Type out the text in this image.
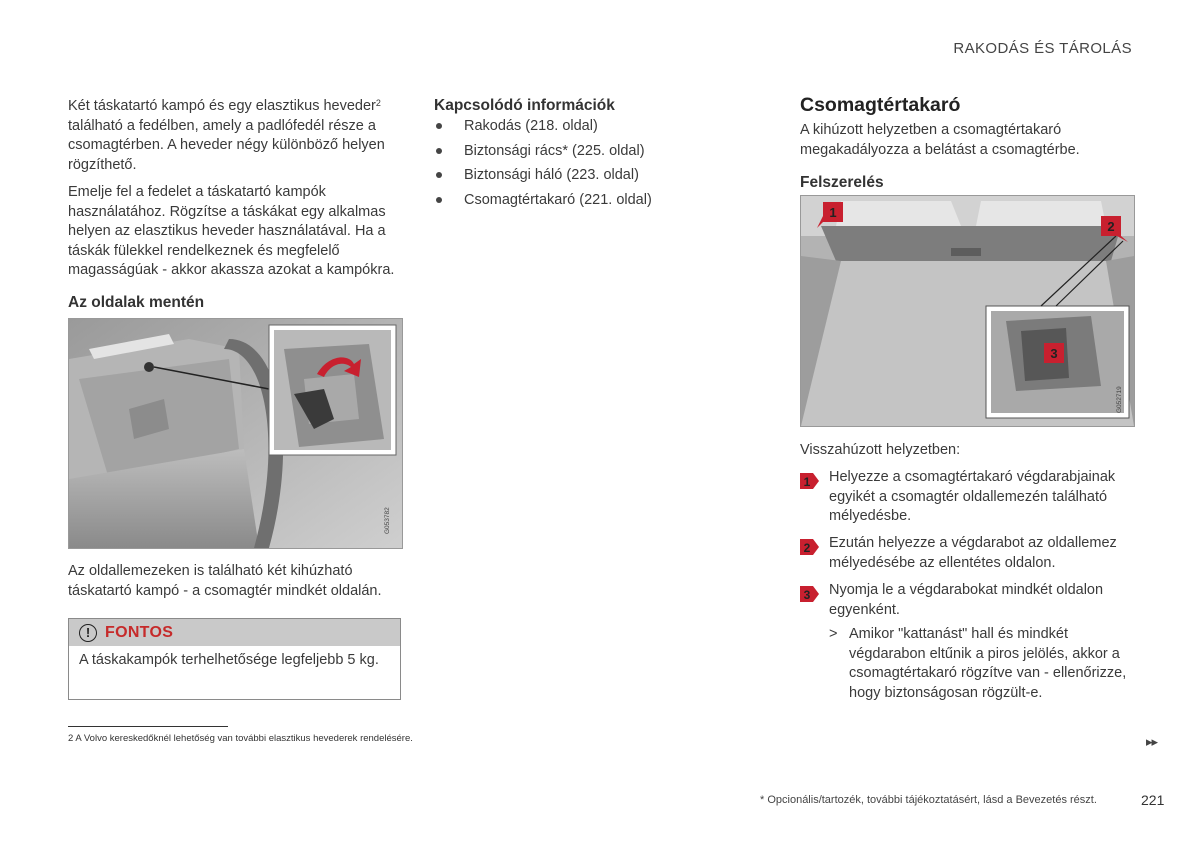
RAKODÁS ÉS TÁROLÁS
Két táskatartó kampó és egy elasztikus heveder$^2$ található a fedélben, amely a padlófedél része a csomagtérben. A heveder négy különböző helyen rögzíthető.
Emelje fel a fedelet a táskatartó kampók használatához. Rögzítse a táskákat egy alkalmas helyen az elasztikus heveder használatával. Ha a táskák fülekkel rendelkeznek és megfelelő magasságúak - akkor akassza azokat a kampókra.
Az oldalak mentén
G053782
Az oldallemezeken is található két kihúzható táskatartó kampó - a csomagtér mindkét oldalán.
! FONTOS
A táskakampók terhelhetősége legfeljebb 5 kg.
2 A Volvo kereskedőknél lehetőség van további elasztikus hevederek rendelésére.
Kapcsolódó információk
Rakodás (218. oldal)
Biztonsági rács* (225. oldal)
Biztonsági háló (223. oldal)
Csomagtértakaró (221. oldal)
Csomagtértakaró
A kihúzott helyzetben a csomagtértakaró megakadályozza a belátást a csomagtérbe.
Felszerelés
1
2
3
G052719
Visszahúzott helyzetben:
1 Helyezze a csomagtértakaró végdarabjainak egyikét a csomagtér oldallemezén található mélyedésbe.
2 Ezután helyezze a végdarabot az oldallemez mélyedésébe az ellentétes oldalon.
3 Nyomja le a végdarabokat mindkét oldalon egyenként.
> Amikor "kattanást" hall és mindkét végdarabon eltűnik a piros jelölés, akkor a csomagtértakaró rögzítve van - ellenőrizze, hogy biztonságosan rögzült-e.
▸▸
* Opcionális/tartozék, további tájékoztatásért, lásd a Bevezetés részt.	221
